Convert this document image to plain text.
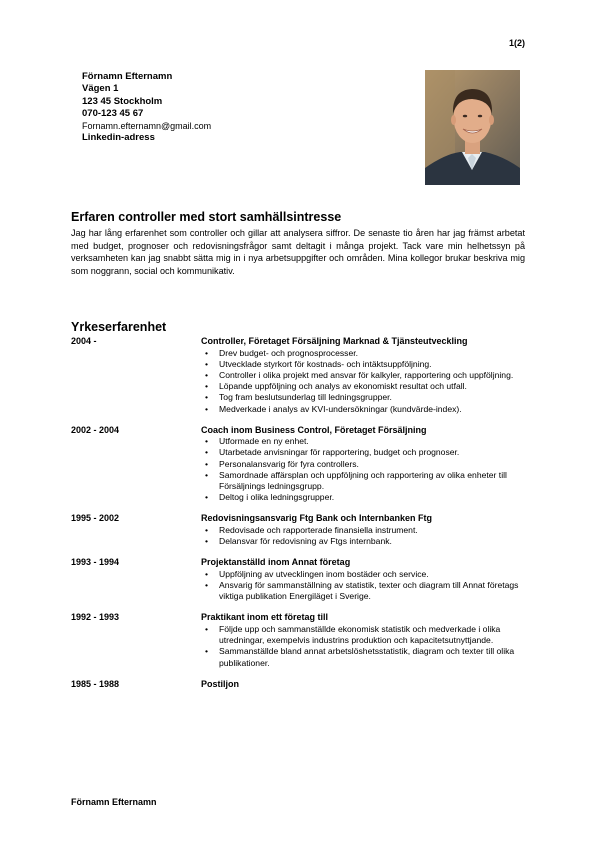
1(2)
Förnamn Efternamn
Vägen 1
123 45 Stockholm
070-123 45 67
Fornamn.efternamn@gmail.com
Linkedin-adress
Erfaren controller med stort samhällsintresse
Jag har lång erfarenhet som controller och gillar att analysera siffror. De senaste tio åren har jag främst arbetat med budget, prognoser och redovisningsfrågor samt deltagit i många projekt. Tack vare min helhetssyn på verksamheten kan jag snabbt sätta mig in i nya arbetsuppgifter och områden. Mina kollegor brukar beskriva mig som noggrann, social och kommunikativ.
Yrkeserfarenhet
2004 -	Controller, Företaget Försäljning Marknad & Tjänsteutveckling
• Drev budget- och prognosprocesser.
• Utvecklade styrkort för kostnads- och intäktsuppföljning.
• Controller i olika projekt med ansvar för kalkyler, rapportering och uppföljning.
• Löpande uppföljning och analys av ekonomiskt resultat och utfall.
• Tog fram beslutsunderlag till ledningsgrupper.
• Medverkade i analys av KVI-undersökningar (kundvärde-index).
2002 - 2004	Coach inom Business Control, Företaget Försäljning
• Utformade en ny enhet.
• Utarbetade anvisningar för rapportering, budget och prognoser.
• Personalansvarig för fyra controllers.
• Samordnade affärsplan och uppföljning och rapportering av olika enheter till Försäljnings ledningsgrupp.
• Deltog i olika ledningsgrupper.
1995 - 2002	Redovisningsansvarig Ftg Bank och Internbanken Ftg
• Redovisade och rapporterade finansiella instrument.
• Delansvar för redovisning av Ftgs internbank.
1993 - 1994	Projektanställd inom Annat företag
• Uppföljning av utvecklingen inom bostäder och service.
• Ansvarig för sammanställning av statistik, texter och diagram till Annat företags viktiga publikation Energiläget i Sverige.
1992 - 1993	Praktikant inom ett företag till
• Följde upp och sammanställde ekonomisk statistik och medverkade i olika utredningar, exempelvis industrins produktion och kapacitetsutnyttjande.
• Sammanställde bland annat arbetslöshetsstatistik, diagram och texter till olika publikationer.
1985 - 1988	Postiljon
Förnamn Efternamn
